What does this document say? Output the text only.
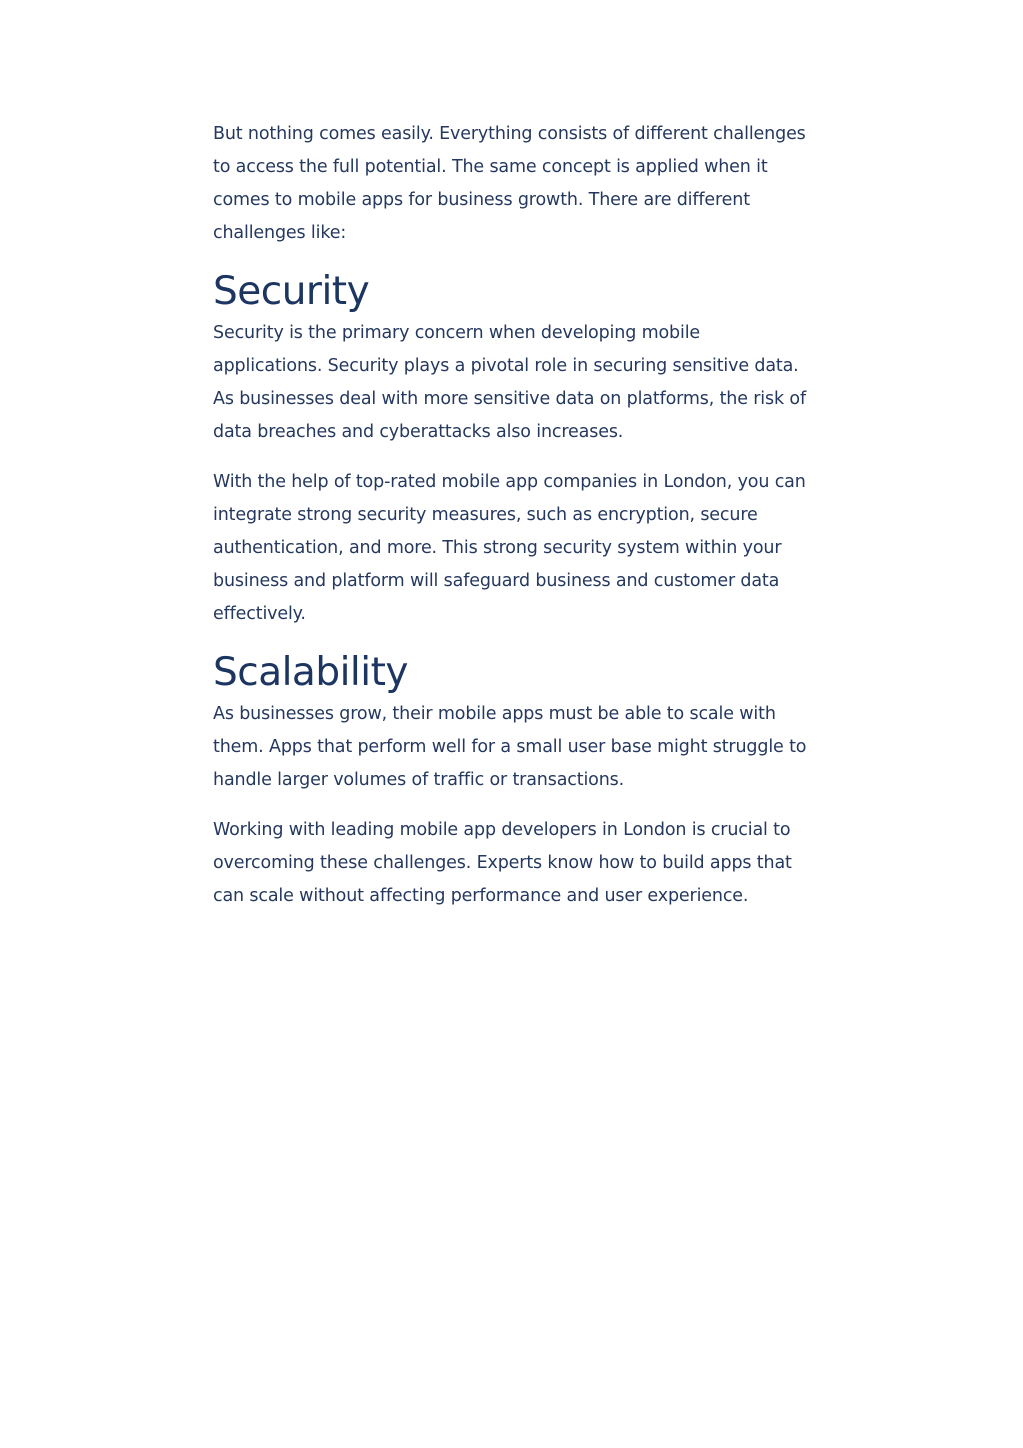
But nothing comes easily. Everything consists of different challenges to access the full potential. The same concept is applied when it comes to mobile apps for business growth. There are different challenges like:

Security

Security is the primary concern when developing mobile applications. Security plays a pivotal role in securing sensitive data. As businesses deal with more sensitive data on platforms, the risk of data breaches and cyberattacks also increases.

With the help of top-rated mobile app companies in London, you can integrate strong security measures, such as encryption, secure authentication, and more. This strong security system within your business and platform will safeguard business and customer data effectively.

Scalability

As businesses grow, their mobile apps must be able to scale with them. Apps that perform well for a small user base might struggle to handle larger volumes of traffic or transactions.

Working with leading mobile app developers in London is crucial to overcoming these challenges. Experts know how to build apps that can scale without affecting performance and user experience.
